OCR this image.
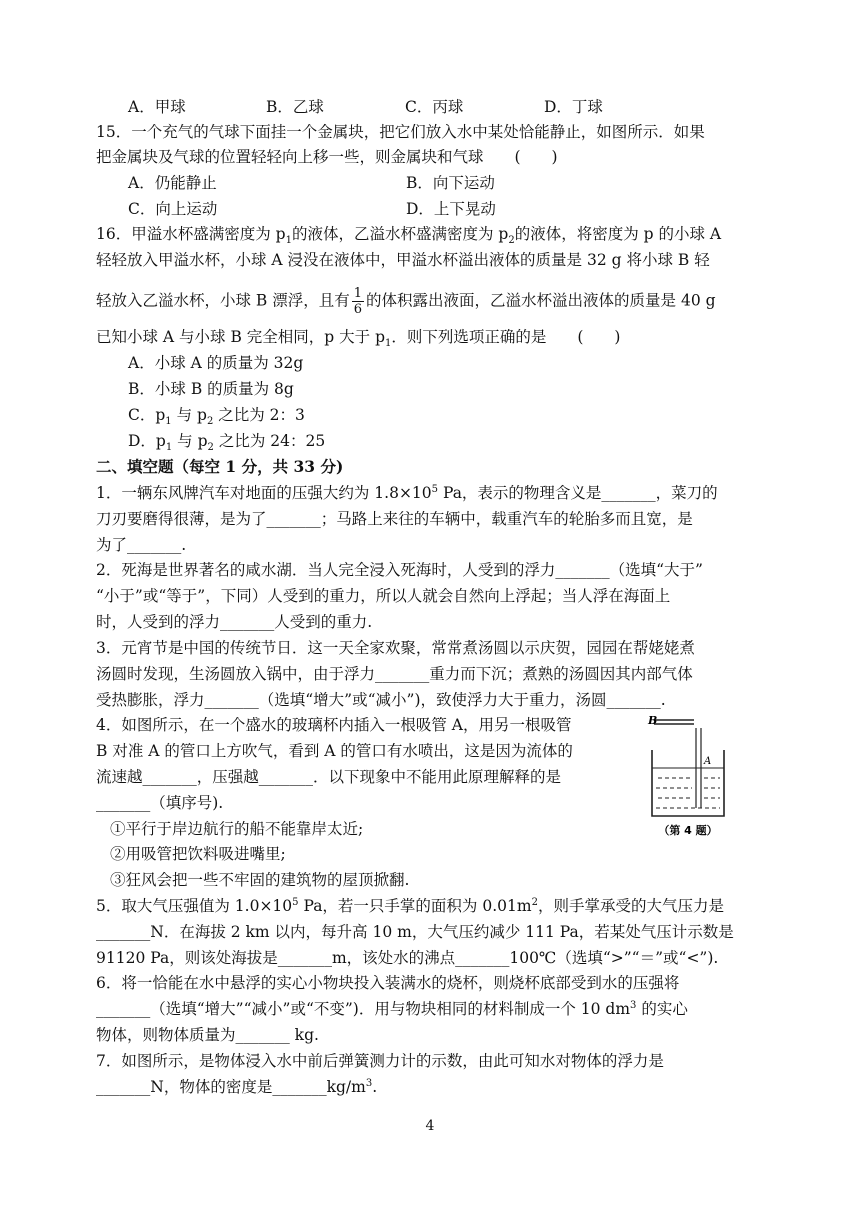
A．甲球	B．乙球	C．丙球	D．丁球
15．一个充气的气球下面挂一个金属块，把它们放入水中某处恰能静止，如图所示．如果
把金属块及气球的位置轻轻向上移一些，则金属块和气球　　(　　)
A．仍能静止	B．向下运动
C．向上运动	D．上下晃动
16．甲溢水杯盛满密度为 $p_1$的液体，乙溢水杯盛满密度为 $p_2$的液体，将密度为 p 的小球 A
轻轻放入甲溢水杯，小球 A 浸没在液体中，甲溢水杯溢出液体的质量是 32 g 将小球 B 轻
轻放入乙溢水杯，小球 B 漂浮，且有 $\frac{1}{6}$ 的体积露出液面，乙溢水杯溢出液体的质量是 40 g
已知小球 A 与小球 B 完全相同，p 大于 $p_1$．则下列选项正确的是　　(　　)
A．小球 A 的质量为 32g
B．小球 B 的质量为 8g
C．$p_1$ 与 $p_2$ 之比为 2：3
D．$p_1$ 与 $p_2$ 之比为 24：25
二、填空题（每空 1 分，共 33 分)
1．一辆东风牌汽车对地面的压强大约为 $1.8\times 10^5$ Pa，表示的物理含义是_______，菜刀的
刀刃要磨得很薄，是为了_______；马路上来往的车辆中，载重汽车的轮胎多而且宽，是
为了_______.
2．死海是世界著名的咸水湖．当人完全浸入死海时，人受到的浮力_______（选填“大于”
“小于”或“等于”，下同）人受到的重力，所以人就会自然向上浮起；当人浮在海面上
时，人受到的浮力_______人受到的重力.
3．元宵节是中国的传统节日．这一天全家欢聚，常常煮汤圆以示庆贺，园园在帮姥姥煮
汤圆时发现，生汤圆放入锅中，由于浮力_______重力而下沉；煮熟的汤圆因其内部气体
受热膨胀，浮力_______（选填“增大”或“减小”)，致使浮力大于重力，汤圆_______.
4．如图所示，在一个盛水的玻璃杯内插入一根吸管 A，用另一根吸管
B 对准 A 的管口上方吹气，看到 A 的管口有水喷出，这是因为流体的
流速越_______，压强越_______．以下现象中不能用此原理解释的是
_______（填序号).
①平行于岸边航行的船不能靠岸太近;
②用吸管把饮料吸进嘴里;
③狂风会把一些不牢固的建筑物的屋顶掀翻.
B
A
（第 4 题）
5．取大气压强值为 $1.0\times 10^5$ Pa，若一只手掌的面积为 $0.01m^2$，则手掌承受的大气压力是
_______N．在海拔 2 km 以内，每升高 10 m，大气压约减少 111 Pa，若某处气压计示数是
91120 Pa，则该处海拔是_______m，该处水的沸点_______100℃（选填“>”“＝”或“<”).
6．将一恰能在水中悬浮的实心小物块投入装满水的烧杯，则烧杯底部受到水的压强将
_______（选填“增大”“减小”或“不变”)．用与物块相同的材料制成一个 10 $dm^3$ 的实心
物体，则物体质量为_______ kg.
7．如图所示，是物体浸入水中前后弹簧测力计的示数，由此可知水对物体的浮力是
_______N，物体的密度是$\_\_\_\_\_\_\_kg/m^3$.
4
